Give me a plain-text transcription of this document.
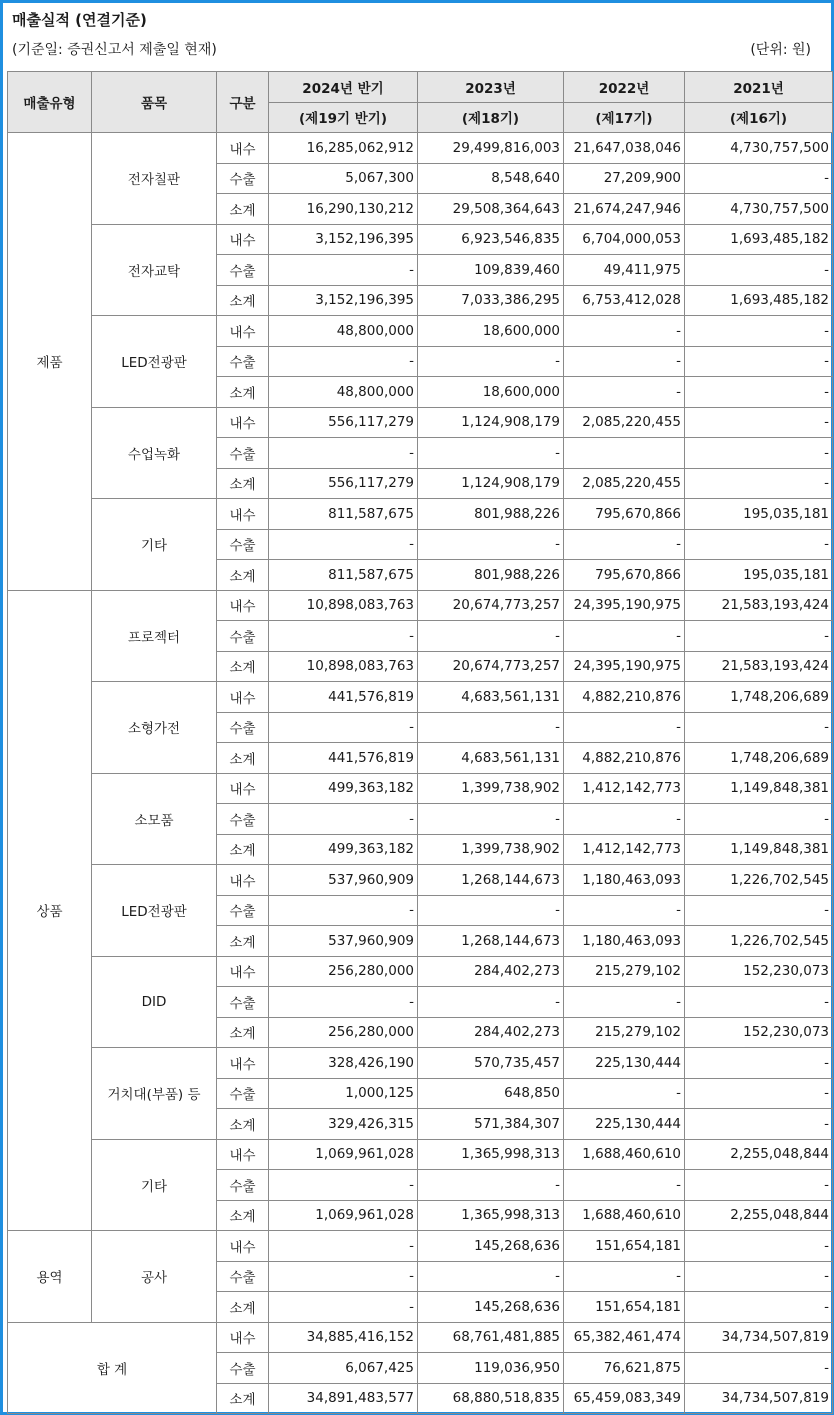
매출실적 (연결기준)
(기준일: 증권신고서 제출일 현재)	(단위: 원)
매출유형	품목	구분	2024년 반기	2023년	2022년	2021년
			(제19기 반기)	(제18기)	(제17기)	(제16기)
제품	전자칠판	내수	16,285,062,912	29,499,816,003	21,647,038,046	4,730,757,500
		수출	5,067,300	8,548,640	27,209,900	-
		소계	16,290,130,212	29,508,364,643	21,674,247,946	4,730,757,500
	전자교탁	내수	3,152,196,395	6,923,546,835	6,704,000,053	1,693,485,182
		수출	-	109,839,460	49,411,975	-
		소계	3,152,196,395	7,033,386,295	6,753,412,028	1,693,485,182
	LED전광판	내수	48,800,000	18,600,000	-	-
		수출	-	-	-	-
		소계	48,800,000	18,600,000	-	-
	수업녹화	내수	556,117,279	1,124,908,179	2,085,220,455	-
		수출	-	-		-
		소계	556,117,279	1,124,908,179	2,085,220,455	-
	기타	내수	811,587,675	801,988,226	795,670,866	195,035,181
		수출	-	-	-	-
		소계	811,587,675	801,988,226	795,670,866	195,035,181
상품	프로젝터	내수	10,898,083,763	20,674,773,257	24,395,190,975	21,583,193,424
		수출	-	-	-	-
		소계	10,898,083,763	20,674,773,257	24,395,190,975	21,583,193,424
	소형가전	내수	441,576,819	4,683,561,131	4,882,210,876	1,748,206,689
		수출	-	-	-	-
		소계	441,576,819	4,683,561,131	4,882,210,876	1,748,206,689
	소모품	내수	499,363,182	1,399,738,902	1,412,142,773	1,149,848,381
		수출	-	-	-	-
		소계	499,363,182	1,399,738,902	1,412,142,773	1,149,848,381
	LED전광판	내수	537,960,909	1,268,144,673	1,180,463,093	1,226,702,545
		수출	-	-	-	-
		소계	537,960,909	1,268,144,673	1,180,463,093	1,226,702,545
	DID	내수	256,280,000	284,402,273	215,279,102	152,230,073
		수출	-	-	-	-
		소계	256,280,000	284,402,273	215,279,102	152,230,073
	거치대(부품) 등	내수	328,426,190	570,735,457	225,130,444	-
		수출	1,000,125	648,850	-	-
		소계	329,426,315	571,384,307	225,130,444	-
	기타	내수	1,069,961,028	1,365,998,313	1,688,460,610	2,255,048,844
		수출	-	-	-	-
		소계	1,069,961,028	1,365,998,313	1,688,460,610	2,255,048,844
용역	공사	내수	-	145,268,636	151,654,181	-
		수출	-	-	-	-
		소계	-	145,268,636	151,654,181	-
합 계		내수	34,885,416,152	68,761,481,885	65,382,461,474	34,734,507,819
		수출	6,067,425	119,036,950	76,621,875	-
		소계	34,891,483,577	68,880,518,835	65,459,083,349	34,734,507,819
